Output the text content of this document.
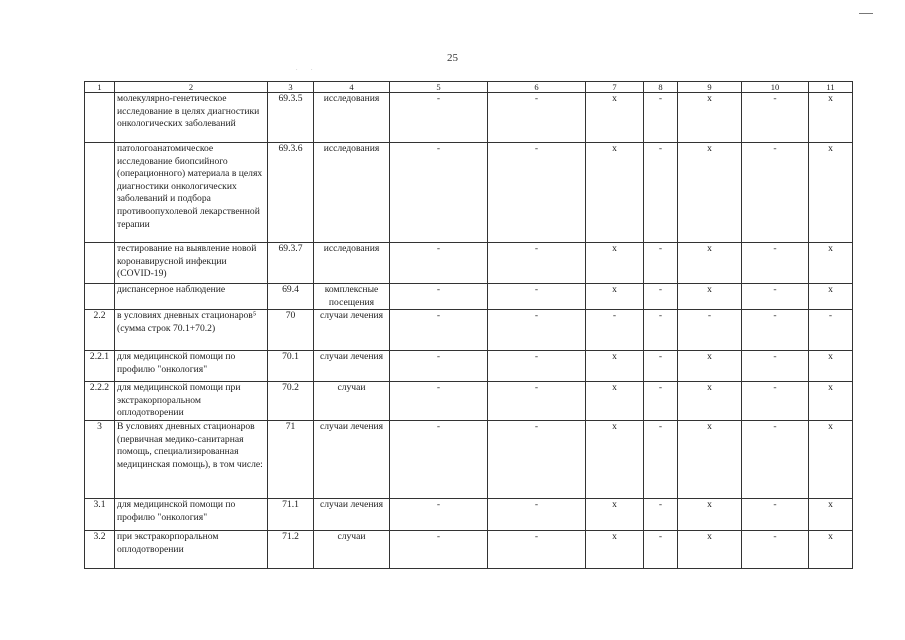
25
. .
1	2	3	4	5	6	7	8	9	10	11
	молекулярно-генетическое исследование в целях диагностики онкологических заболеваний	69.3.5	исследования	-	-	x	-	x	-	x
	патологоанатомическое исследование биопсийного (операционного) материала в целях диагностики онкологических заболеваний и подбора противоопухолевой лекарственной терапии	69.3.6	исследования	-	-	x	-	x	-	x
	тестирование на выявление новой коронавирусной инфекции (COVID-19)	69.3.7	исследования	-	-	x	-	x	-	x
	диспансерное наблюдение	69.4	комплексные посещения	-	-	x	-	x	-	x
2.2	в условиях дневных стационаров⁵ (сумма строк 70.1+70.2)	70	случаи лечения	-	-	-	-	-	-	-
2.2.1	для медицинской помощи по профилю "онкология"	70.1	случаи лечения	-	-	x	-	x	-	x
2.2.2	для медицинской помощи при экстракорпоральном оплодотворении	70.2	случаи	-	-	x	-	x	-	x
3	В условиях дневных стационаров (первичная медико-санитарная помощь, специализированная медицинская помощь), в том числе:	71	случаи лечения	-	-	x	-	x	-	x
3.1	для медицинской помощи по профилю "онкология"	71.1	случаи лечения	-	-	x	-	x	-	x
3.2	при экстракорпоральном оплодотворении	71.2	случаи	-	-	x	-	x	-	x
